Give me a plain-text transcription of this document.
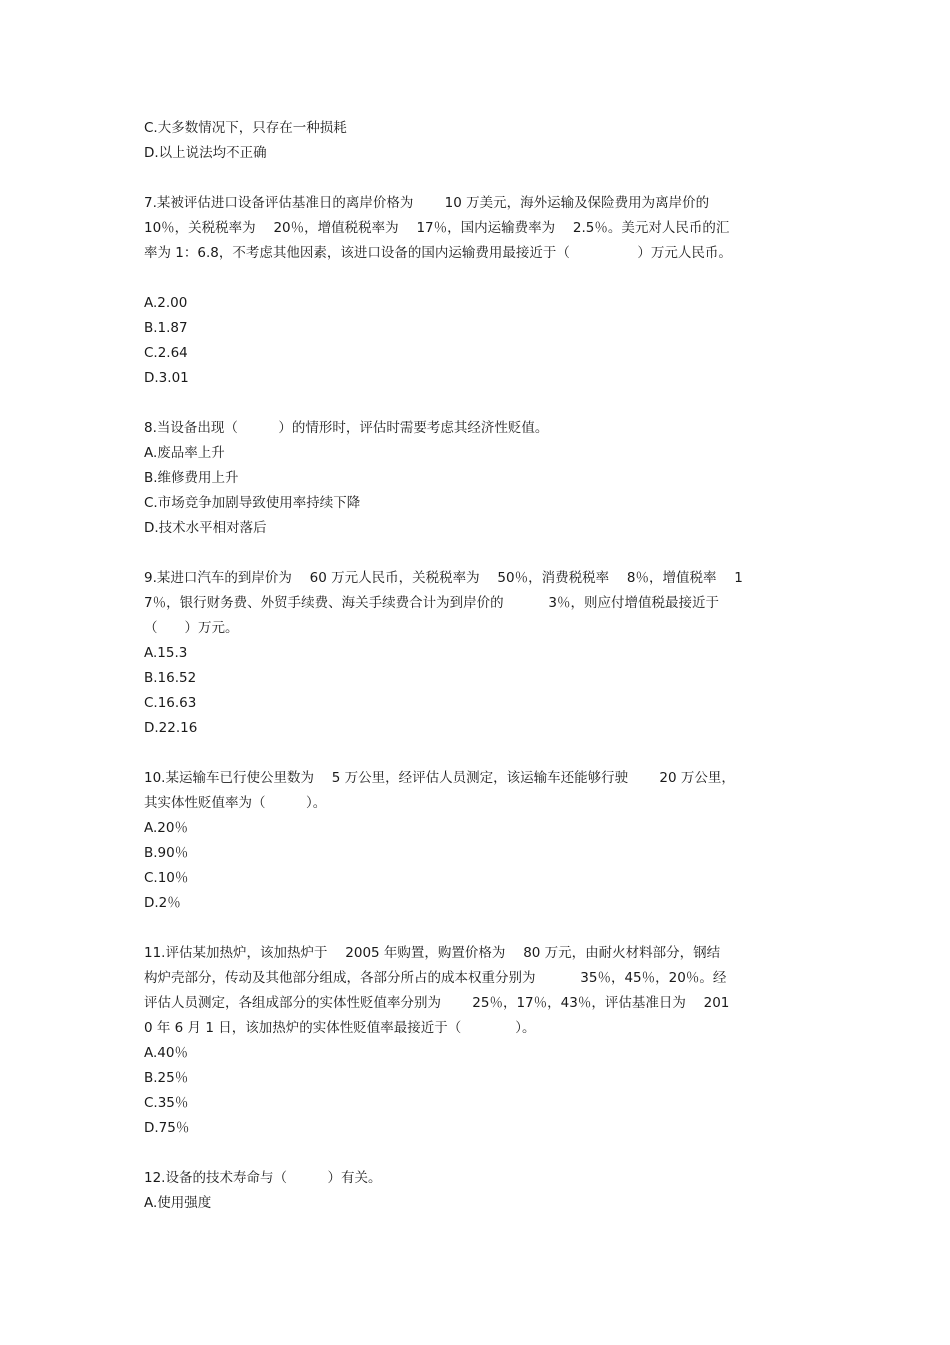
C.大多数情况下，只存在一种损耗

D.以上说法均不正确

7.某被评估进口设备评估基准日的离岸价格为 　　10 万美元，海外运输及保险费用为离岸价的

10％，关税税率为 　20％，增值税税率为 　17％，国内运输费率为 　2.5％。美元对人民币的汇

率为 1：6.8，不考虑其他因素，该进口设备的国内运输费用最接近于（　　　　　）万元人民币。

A.2.00

B.1.87

C.2.64

D.3.01

8.当设备出现（　　　）的情形时，评估时需要考虑其经济性贬值。

A.废品率上升

B.维修费用上升

C.市场竞争加剧导致使用率持续下降

D.技术水平相对落后

9.某进口汽车的到岸价为 　60 万元人民币，关税税率为 　50％，消费税税率 　8％，增值税率 　1

7％，银行财务费、外贸手续费、海关手续费合计为到岸价的 　　　3％，则应付增值税最接近于

（　　）万元。

A.15.3

B.16.52

C.16.63

D.22.16

10.某运输车已行使公里数为 　5 万公里，经评估人员测定，该运输车还能够行驶 　　20 万公里，

其实体性贬值率为（　　　）。

A.20％

B.90％

C.10％

D.2％

11.评估某加热炉，该加热炉于 　2005 年购置，购置价格为 　80 万元，由耐火材料部分，钢结

构炉壳部分，传动及其他部分组成，各部分所占的成本权重分别为 　　　35％，45％，20％。经

评估人员测定，各组成部分的实体性贬值率分别为 　　25％，17％，43％，评估基准日为 　201

0 年 6 月 1 日，该加热炉的实体性贬值率最接近于（　　　　）。

A.40％

B.25％

C.35％

D.75％

12.设备的技术寿命与（　　　）有关。

A.使用强度
